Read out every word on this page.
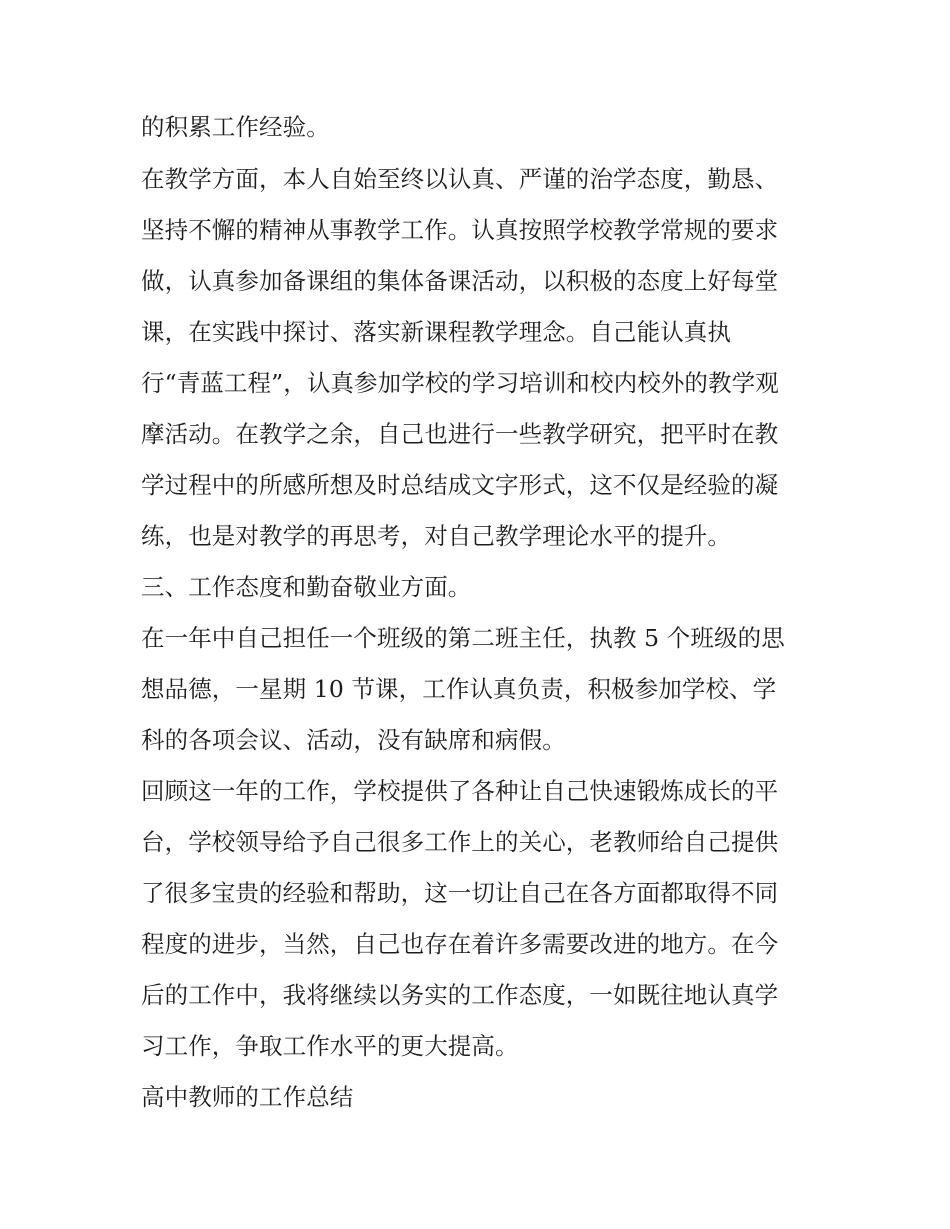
的积累工作经验。
在教学方面，本人自始至终以认真、严谨的治学态度，勤恳、
坚持不懈的精神从事教学工作。认真按照学校教学常规的要求
做，认真参加备课组的集体备课活动，以积极的态度上好每堂
课，在实践中探讨、落实新课程教学理念。自己能认真执
行“青蓝工程”，认真参加学校的学习培训和校内校外的教学观
摩活动。在教学之余，自己也进行一些教学研究，把平时在教
学过程中的所感所想及时总结成文字形式，这不仅是经验的凝
练，也是对教学的再思考，对自己教学理论水平的提升。
三、工作态度和勤奋敬业方面。
在一年中自己担任一个班级的第二班主任，执教 5 个班级的思
想品德，一星期 10 节课，工作认真负责，积极参加学校、学
科的各项会议、活动，没有缺席和病假。
回顾这一年的工作，学校提供了各种让自己快速锻炼成长的平
台，学校领导给予自己很多工作上的关心，老教师给自己提供
了很多宝贵的经验和帮助，这一切让自己在各方面都取得不同
程度的进步，当然，自己也存在着许多需要改进的地方。在今
后的工作中，我将继续以务实的工作态度，一如既往地认真学
习工作，争取工作水平的更大提高。
高中教师的工作总结
